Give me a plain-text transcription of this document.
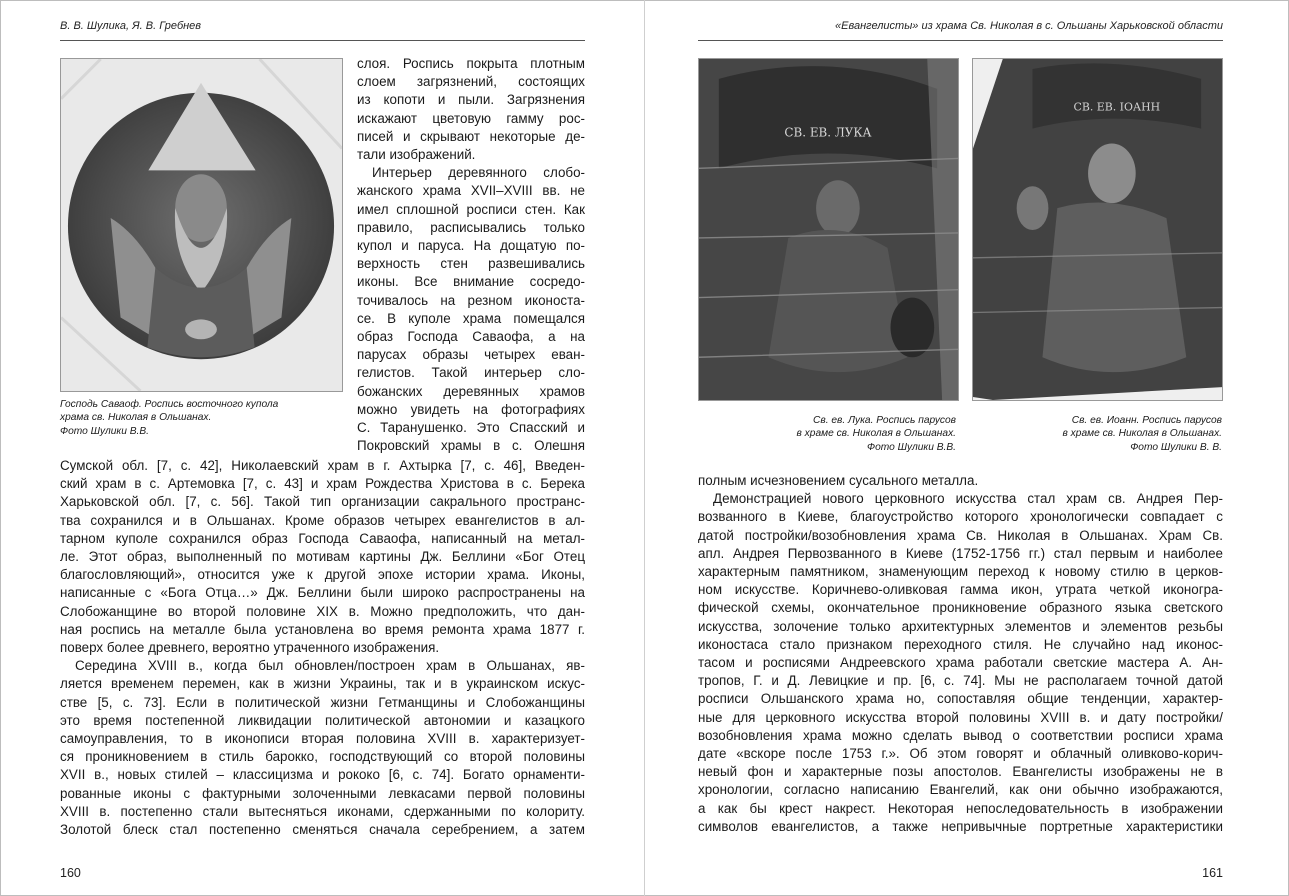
В. В. Шулика, Я. В. Гребнев
Господь Саваоф. Роспись восточного купола
храма св. Николая в Ольшанах.
Фото Шулики В.В.
слоя. Роспись покрыта плотным
слоем загрязнений, состоящих
из копоти и пыли. Загрязнения
искажают цветовую гамму рос-
писей и скрывают некоторые де-
тали изображений.
Интерьер деревянного слобо-
жанского храма XVII–XVIII вв. не
имел сплошной росписи стен. Как
правило, расписывались только
купол и паруса. На дощатую по-
верхность стен развешивались
иконы. Все внимание сосредо-
точивалось на резном иконоста-
се. В куполе храма помещался
образ Господа Саваофа, а на
парусах образы четырех еван-
гелистов. Такой интерьер сло-
божанских деревянных храмов
можно увидеть на фотографиях
С. Таранушенко. Это Спасский и
Покровский храмы в с. Олешня
Сумской обл. [7, с. 42], Николаевский храм в г. Ахтырка [7, с. 46], Введен-
ский храм в с. Артемовка [7, с. 43] и храм Рождества Христова в с. Берека
Харьковской обл. [7, с. 56]. Такой тип организации сакрального пространс-
тва сохранился и в Ольшанах. Кроме образов четырех евангелистов в ал-
тарном куполе сохранился образ Господа Саваофа, написанный на метал-
ле. Этот образ, выполненный по мотивам картины Дж. Беллини «Бог Отец
благословляющий», относится уже к другой эпохе истории храма. Иконы,
написанные с «Бога Отца…» Дж. Беллини были широко распространены на
Слобожанщине во второй половине XIX в. Можно предположить, что дан-
ная роспись на металле была установлена во время ремонта храма 1877 г.
поверх более древнего, вероятно утраченного изображения.
Середина XVIII в., когда был обновлен/построен храм в Ольшанах, яв-
ляется временем перемен, как в жизни Украины, так и в украинском искус-
стве [5, с. 73]. Если в политической жизни Гетманщины и Слобожанщины
это время постепенной ликвидации политической автономии и казацкого
самоуправления, то в иконописи вторая половина XVIII в. характеризует-
ся проникновением в стиль барокко, господствующий со второй половины
XVII в., новых стилей – классицизма и рококо [6, с. 74]. Богато орнаменти-
рованные иконы с фактурными золоченными левкасами первой половины
XVIII в. постепенно стали вытесняться иконами, сдержанными по колориту.
Золотой блеск стал постепенно сменяться сначала серебрением, а затем
160
«Евангелисты» из храма Св. Николая в с. Ольшаны Харьковской области
СВ. ЕВ. ЛУКА
СВ. ЕВ. ІОАНН
Св. ев. Лука. Роспись парусов
в храме св. Николая в Ольшанах.
Фото Шулики В.В.
Св. ев. Иоанн. Роспись парусов
в храме св. Николая в Ольшанах.
Фото Шулики В. В.
полным исчезновением сусального металла.
Демонстрацией нового церковного искусства стал храм св. Андрея Пер-
возванного в Киеве, благоустройство которого хронологически совпадает с
датой постройки/возобновления храма Св. Николая в Ольшанах. Храм Св.
апл. Андрея Первозванного в Киеве (1752-1756 гг.) стал первым и наиболее
характерным памятником, знаменующим переход к новому стилю в церков-
ном искусстве. Коричнево-оливковая гамма икон, утрата четкой иконогра-
фической схемы, окончательное проникновение образного языка светского
искусства, золочение только архитектурных элементов и элементов резьбы
иконостаса стало признаком переходного стиля. Не случайно над иконос-
тасом и росписями Андреевского храма работали светские мастера А. Ан-
тропов, Г. и Д. Левицкие и пр. [6, с. 74]. Мы не располагаем точной датой
росписи Ольшанского храма но, сопоставляя общие тенденции, характер-
ные для церковного искусства второй половины XVIII в. и дату постройки/
возобновления храма можно сделать вывод о соответствии росписи храма
дате «вскоре после 1753 г.». Об этом говорят и облачный оливково-корич-
невый фон и характерные позы апостолов. Евангелисты изображены не в
хронологии, согласно написанию Евангелий, как они обычно изображаются,
а как бы крест накрест. Некоторая непоследовательность в изображении
символов евангелистов, а также непривычные портретные характеристики
161
